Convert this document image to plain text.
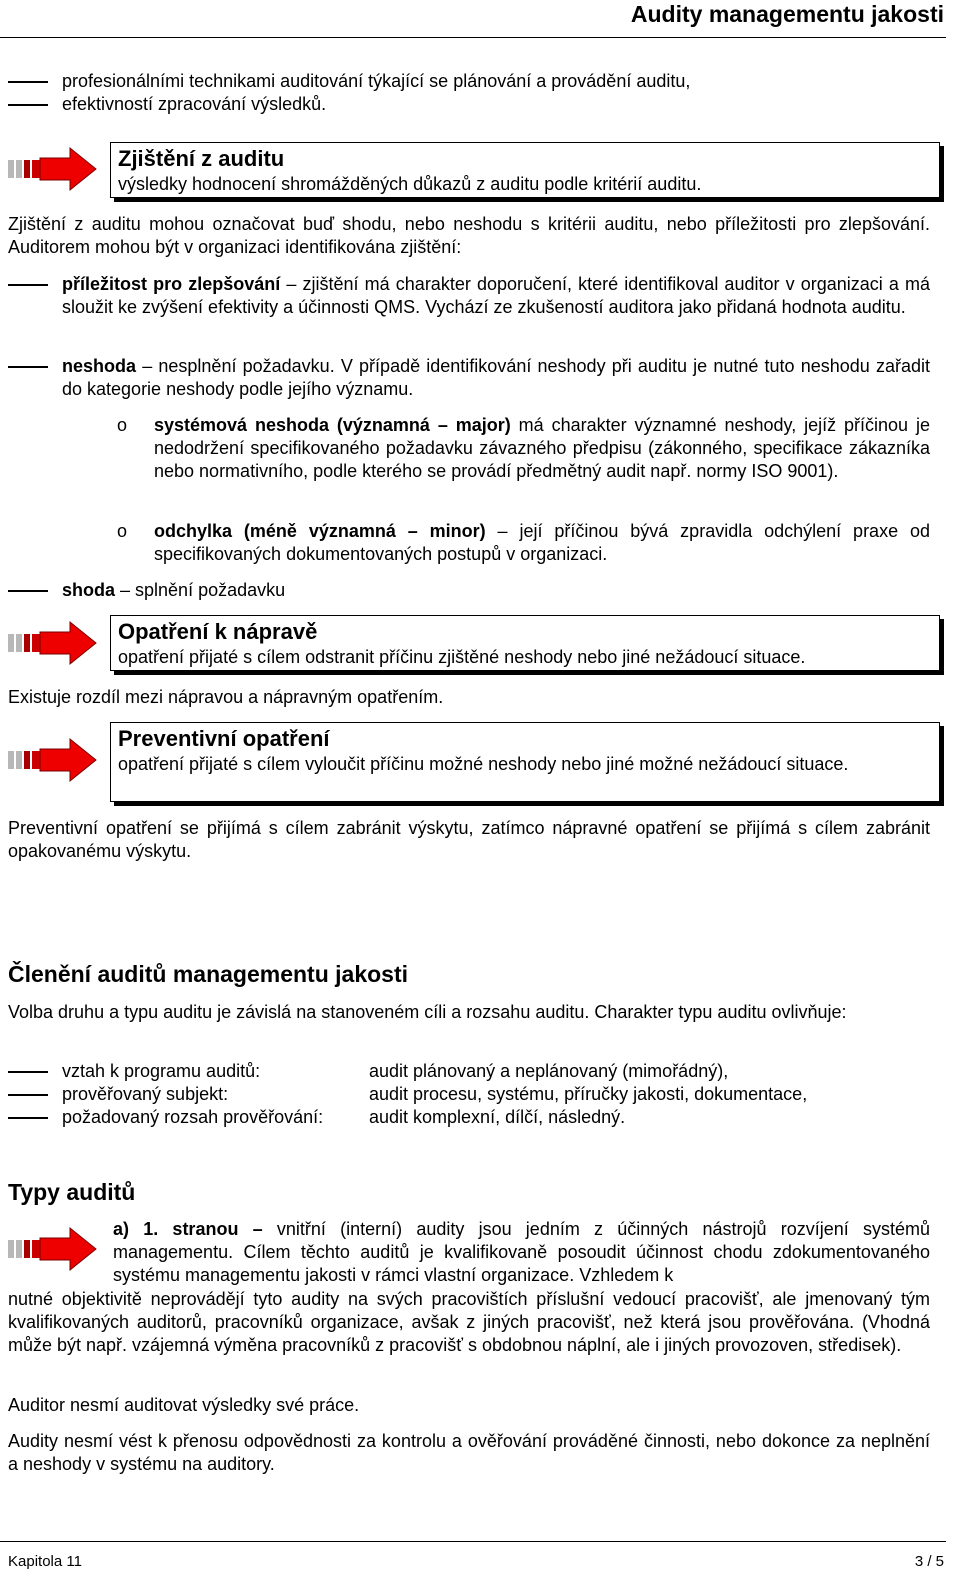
Audity managementu jakosti
profesionálními technikami auditování týkající se plánování a provádění auditu,
efektivností zpracování výsledků.
Zjištění z auditu
výsledky hodnocení shromážděných důkazů z auditu podle kritérií auditu.
Zjištění z auditu mohou označovat buď shodu, nebo neshodu s kritérii auditu, nebo příležitosti pro zlepšování. Auditorem mohou být v organizaci identifikována zjištění:
příležitost pro zlepšování – zjištění má charakter doporučení, které identifikoval auditor v organizaci a má sloužit ke zvýšení efektivity a účinnosti QMS. Vychází ze zkušeností auditora jako přidaná hodnota auditu.
neshoda – nesplnění požadavku. V případě identifikování neshody při auditu je nutné tuto neshodu zařadit do kategorie neshody podle jejího významu.
o systémová neshoda (významná – major) má charakter významné neshody, jejíž příčinou je nedodržení specifikovaného požadavku závazného předpisu (zákonného, specifikace zákazníka nebo normativního, podle kterého se provádí předmětný audit např. normy ISO 9001).
o odchylka (méně významná – minor) – její příčinou bývá zpravidla odchýlení praxe od specifikovaných dokumentovaných postupů v organizaci.
shoda – splnění požadavku
Opatření k nápravě
opatření přijaté s cílem odstranit příčinu zjištěné neshody nebo jiné nežádoucí situace.
Existuje rozdíl mezi nápravou a nápravným opatřením.
Preventivní opatření
opatření přijaté s cílem vyloučit příčinu možné neshody nebo jiné možné nežádoucí situace.
Preventivní opatření se přijímá s cílem zabránit výskytu, zatímco nápravné opatření se přijímá s cílem zabránit opakovanému výskytu.
Členění auditů managementu jakosti
Volba druhu a typu auditu je závislá na stanoveném cíli a rozsahu auditu. Charakter typu auditu ovlivňuje:
vztah k programu auditů:	audit plánovaný a neplánovaný (mimořádný),
prověřovaný subjekt:	audit procesu, systému, příručky jakosti, dokumentace,
požadovaný rozsah prověřování:	audit komplexní, dílčí, následný.
Typy auditů
a) 1. stranou – vnitřní (interní) audity jsou jedním z účinných nástrojů rozvíjení systémů managementu. Cílem těchto auditů je kvalifikovaně posoudit účinnost chodu zdokumentovaného systému managementu jakosti v rámci vlastní organizace. Vzhledem k
nutné objektivitě neprovádějí tyto audity na svých pracovištích příslušní vedoucí pracovišť, ale jmenovaný tým kvalifikovaných auditorů, pracovníků organizace, avšak z jiných pracovišť, než která jsou prověřována. (Vhodná může být např. vzájemná výměna pracovníků z pracovišť s obdobnou náplní, ale i jiných provozoven, středisek).
Auditor nesmí auditovat výsledky své práce.
Audity nesmí vést k přenosu odpovědnosti za kontrolu a ověřování prováděné činnosti, nebo dokonce za neplnění a neshody v systému na auditory.
Kapitola 11	3 / 5
